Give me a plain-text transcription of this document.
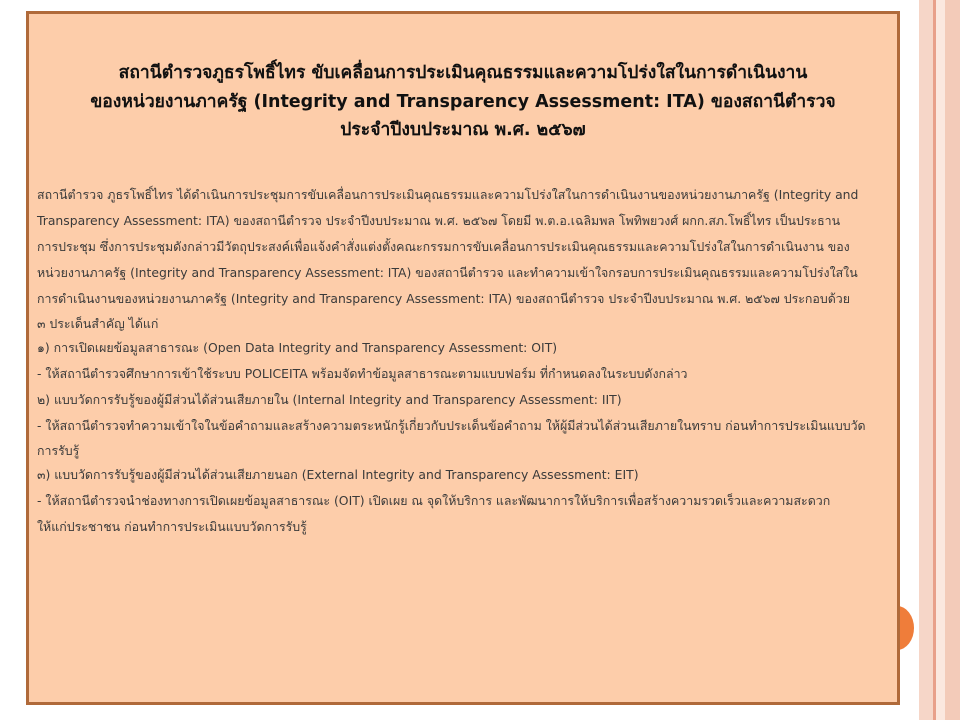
สถานีตำรวจภูธรโพธิ์ไทร ขับเคลื่อนการประเมินคุณธรรมและความโปร่งใสในการดำเนินงาน
ของหน่วยงานภาครัฐ (Integrity and Transparency Assessment: ITA) ของสถานีตำรวจ
ประจำปีงบประมาณ พ.ศ. ๒๕๖๗
สถานีตำรวจ ภูธรโพธิ์ไทร ได้ดำเนินการประชุมการขับเคลื่อนการประเมินคุณธรรมและความโปร่งใสในการดำเนินงานของหน่วยงานภาครัฐ (Integrity and
Transparency Assessment: ITA) ของสถานีตำรวจ ประจำปีงบประมาณ พ.ศ. ๒๕๖๗ โดยมี พ.ต.อ.เฉลิมพล โพทิพยวงศ์ ผกก.สภ.โพธิ์ไทร เป็นประธาน
การประชุม ซึ่งการประชุมดังกล่าวมีวัตถุประสงค์เพื่อแจ้งคำสั่งแต่งตั้งคณะกรรมการขับเคลื่อนการประเมินคุณธรรมและความโปร่งใสในการดำเนินงาน ของ
หน่วยงานภาครัฐ (Integrity and Transparency Assessment: ITA) ของสถานีตำรวจ และทำความเข้าใจกรอบการประเมินคุณธรรมและความโปร่งใสใน
การดำเนินงานของหน่วยงานภาครัฐ (Integrity and Transparency Assessment: ITA) ของสถานีตำรวจ ประจำปีงบประมาณ พ.ศ. ๒๕๖๗ ประกอบด้วย
๓ ประเด็นสำคัญ ได้แก่
๑) การเปิดเผยข้อมูลสาธารณะ (Open Data Integrity and Transparency Assessment: OIT)
- ให้สถานีตำรวจศึกษาการเข้าใช้ระบบ POLICEITA พร้อมจัดทำข้อมูลสาธารณะตามแบบฟอร์ม ที่กำหนดลงในระบบดังกล่าว
๒) แบบวัดการรับรู้ของผู้มีส่วนได้ส่วนเสียภายใน (Internal Integrity and Transparency Assessment: IIT)
- ให้สถานีตำรวจทำความเข้าใจในข้อคำถามและสร้างความตระหนักรู้เกี่ยวกับประเด็นข้อคำถาม ให้ผู้มีส่วนได้ส่วนเสียภายในทราบ ก่อนทำการประเมินแบบวัด
การรับรู้
๓) แบบวัดการรับรู้ของผู้มีส่วนได้ส่วนเสียภายนอก (External Integrity and Transparency Assessment: EIT)
- ให้สถานีตำรวจนำช่องทางการเปิดเผยข้อมูลสาธารณะ (OIT) เปิดเผย ณ จุดให้บริการ และพัฒนาการให้บริการเพื่อสร้างความรวดเร็วและความสะดวก
ให้แก่ประชาชน ก่อนทำการประเมินแบบวัดการรับรู้
